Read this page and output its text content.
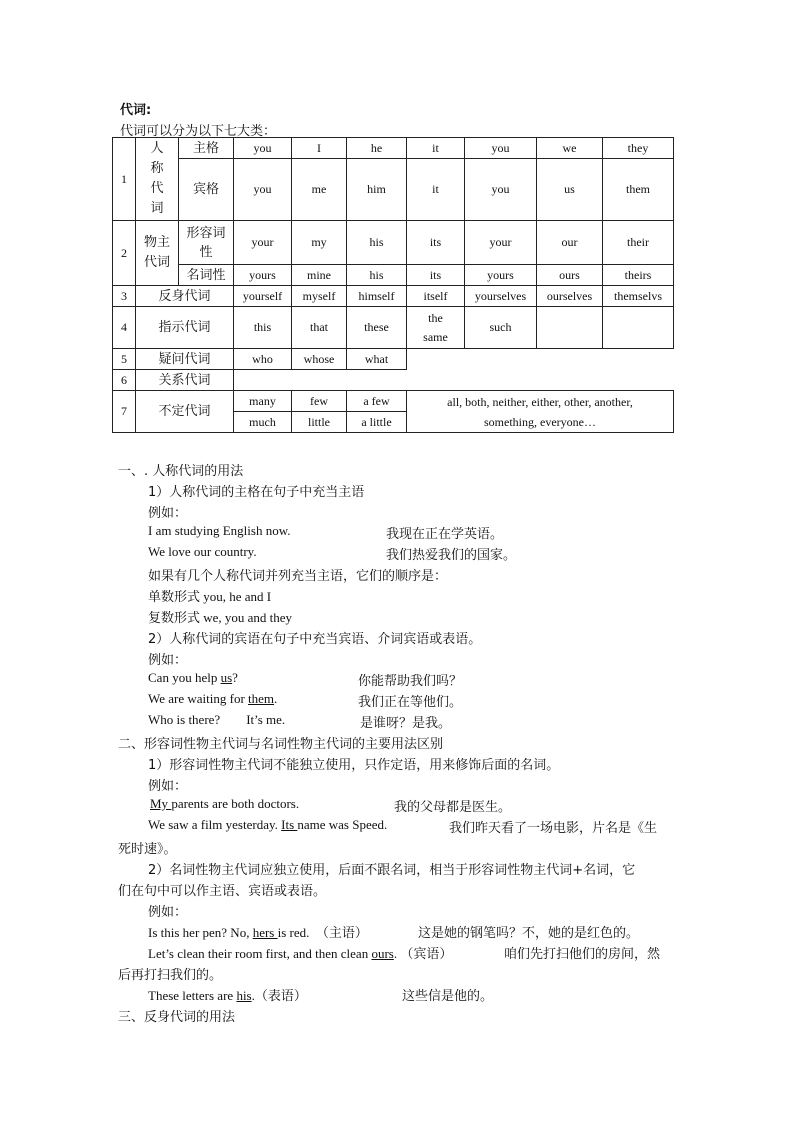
代词:
代词可以分为以下七大类：
1	人称代词	主格	you	I	he	it	you	we	they
		宾格	you	me	him	it	you	us	them
2	物主代词	形容词性	your	my	his	its	your	our	their
		名词性	yours	mine	his	its	yours	ours	theirs
3	反身代词		yourself	myself	himself	itself	yourselves	ourselves	themselvs
4	指示代词		this	that	these	the same	such		
5	疑问代词		who	whose	what				
6	关系代词								
7	不定代词		many	few	a few	all, both, neither, either, other, another, something, everyone…			
			much	little	a little				
一、. 人称代词的用法
1）人称代词的主格在句子中充当主语
例如：
I am studying English now.	我现在正在学英语。
We love our country.	我们热爱我们的国家。
如果有几个人称代词并列充当主语，它们的顺序是：
单数形式 you, he and I
复数形式 we, you and they
2）人称代词的宾语在句子中充当宾语、介词宾语或表语。
例如：
Can you help us?	你能帮助我们吗？
We are waiting for them.	我们正在等他们。
Who is there?        It’s me.	是谁呀？是我。
二、形容词性物主代词与名词性物主代词的主要用法区别
1）形容词性物主代词不能独立使用，只作定语，用来修饰后面的名词。
例如：
My parents are both doctors.	我的父母都是医生。
We saw a film yesterday. Its name was Speed.	我们昨天看了一场电影，片名是《生
死时速》。
2）名词性物主代词应独立使用，后面不跟名词，相当于形容词性物主代词+名词，它
们在句中可以作主语、宾语或表语。
例如：
Is this her pen? No, hers is red.  （主语）	这是她的钢笔吗？不，她的是红色的。
Let’s clean their room first, and then clean ours. （宾语）	咱们先打扫他们的房间，然
后再打扫我们的。
These letters are his.（表语）	这些信是他的。
三、反身代词的用法
